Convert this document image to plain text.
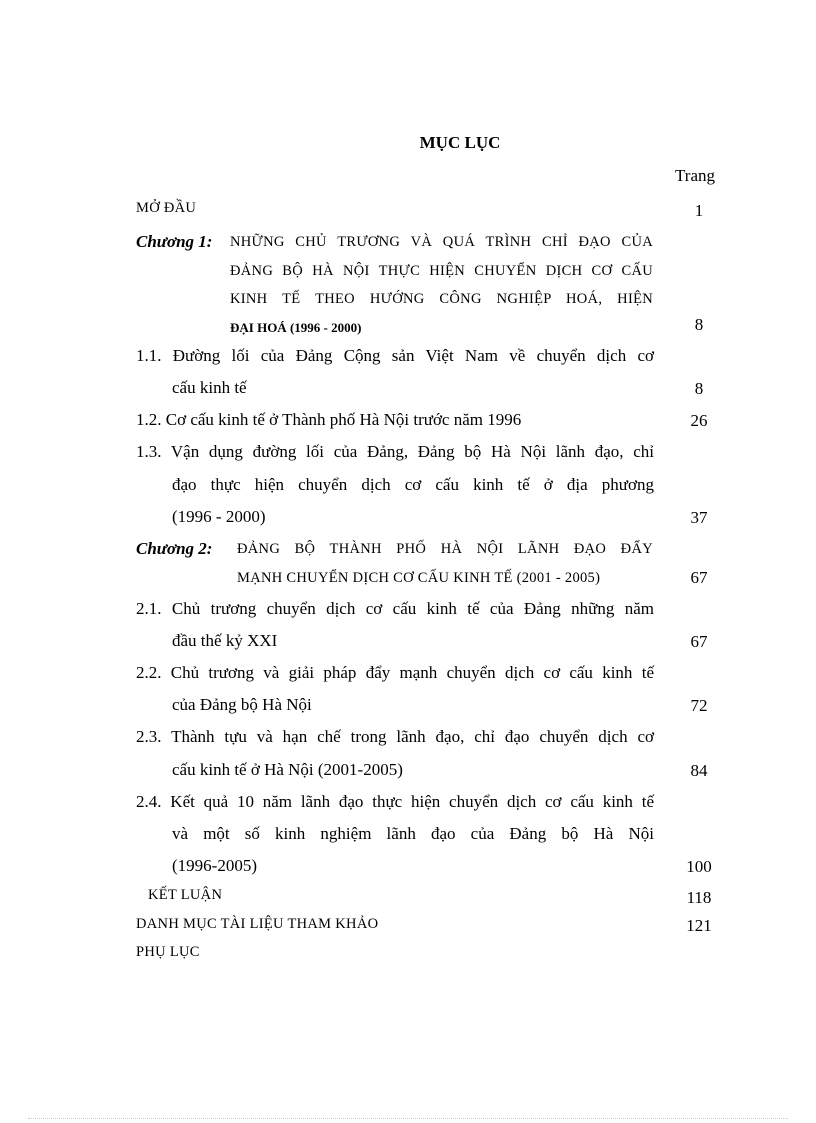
MỤC LỤC
Trang
MỞ ĐẦU	1
Chương 1: NHỮNG CHỦ TRƯƠNG VÀ QUÁ TRÌNH CHỈ ĐẠO CỦA
ĐẢNG BỘ HÀ NỘI THỰC HIỆN CHUYỂN DỊCH CƠ CẤU
KINH TẾ THEO HƯỚNG CÔNG NGHIỆP HOÁ, HIỆN
ĐẠI HOÁ (1996 - 2000)	8
1.1. Đường lối của Đảng Cộng sản Việt Nam về chuyển dịch cơ
cấu kinh tế	8
1.2. Cơ cấu kinh tế ở Thành phố Hà Nội trước năm 1996	26
1.3. Vận dụng đường lối của Đảng, Đảng bộ Hà Nội lãnh đạo, chỉ
đạo thực hiện chuyển dịch cơ cấu kinh tế ở địa phương
(1996 - 2000)	37
Chương 2: ĐẢNG BỘ THÀNH PHỐ HÀ NỘI LÃNH ĐẠO ĐẨY
MẠNH CHUYỂN DỊCH CƠ CẤU KINH TẾ (2001 - 2005)	67
2.1. Chủ trương chuyển dịch cơ cấu kinh tế của Đảng những năm
đầu thế kỷ XXI	67
2.2. Chủ trương và giải pháp đẩy mạnh chuyển dịch cơ cấu kinh tế
của Đảng bộ Hà Nội	72
2.3. Thành tựu và hạn chế trong lãnh đạo, chỉ đạo chuyển dịch cơ
cấu kinh tế ở Hà Nội (2001-2005)	84
2.4. Kết quả 10 năm lãnh đạo thực hiện chuyển dịch cơ cấu kinh tế
và một số kinh nghiệm lãnh đạo của Đảng bộ Hà Nội
(1996-2005)	100
KẾT LUẬN	118
DANH MỤC TÀI LIỆU THAM KHẢO	121
PHỤ LỤC
